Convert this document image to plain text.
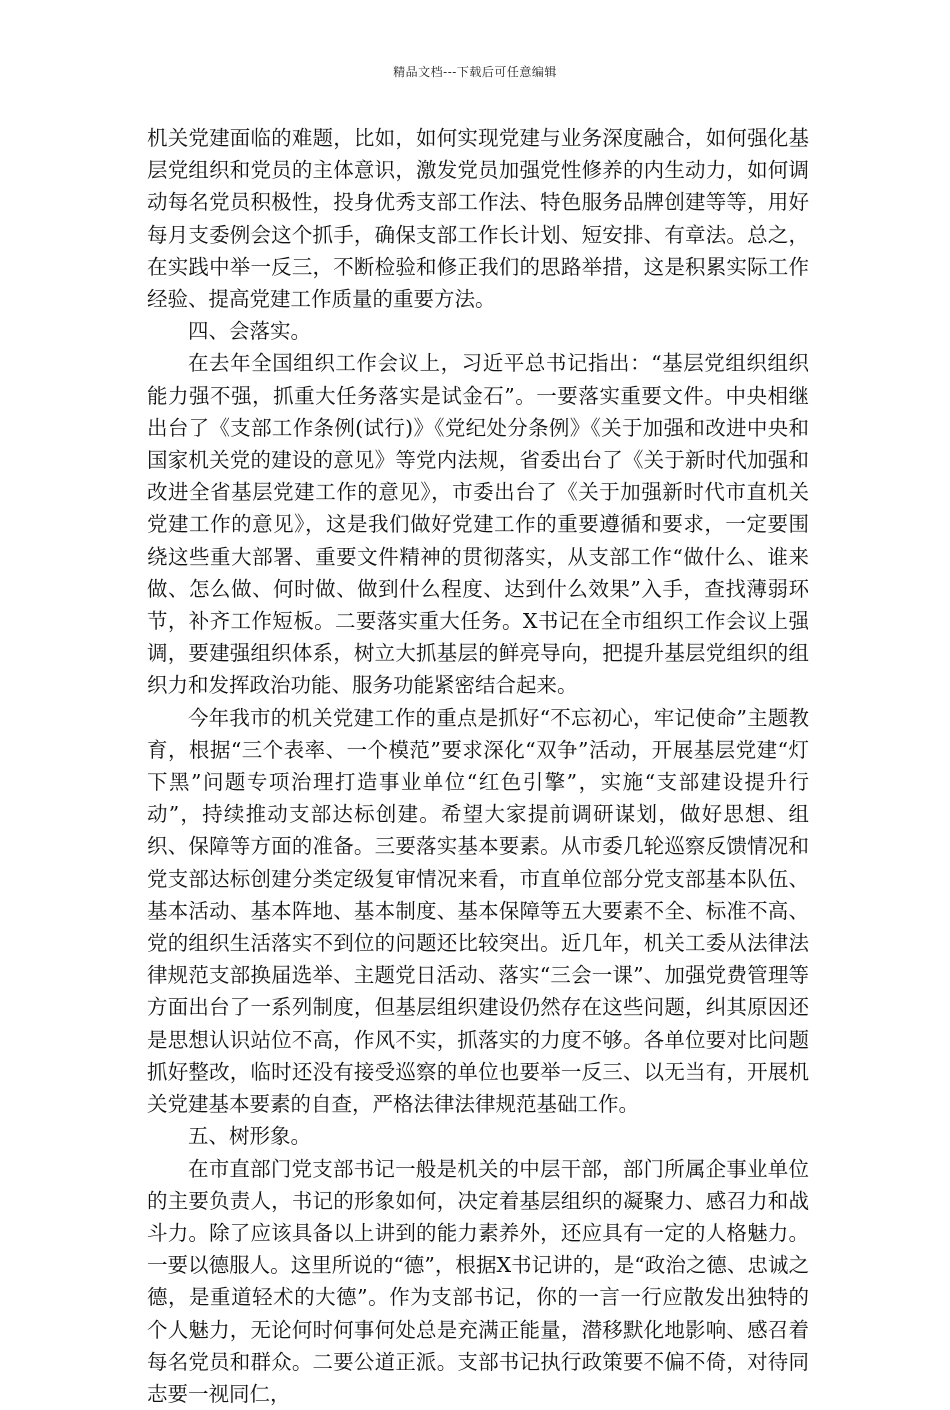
精品文档---下载后可任意编辑

机关党建面临的难题，比如，如何实现党建与业务深度融合，如何强化基层党组织和党员的主体意识，激发党员加强党性修养的内生动力，如何调动每名党员积极性，投身优秀支部工作法、特色服务品牌创建等等，用好每月支委例会这个抓手，确保支部工作长计划、短安排、有章法。总之，在实践中举一反三，不断检验和修正我们的思路举措，这是积累实际工作经验、提高党建工作质量的重要方法。

四、会落实。

在去年全国组织工作会议上，习近平总书记指出：“基层党组织组织能力强不强，抓重大任务落实是试金石”。一要落实重要文件。中央相继出台了《支部工作条例(试行)》《党纪处分条例》《关于加强和改进中央和国家机关党的建设的意见》等党内法规，省委出台了《关于新时代加强和改进全省基层党建工作的意见》，市委出台了《关于加强新时代市直机关党建工作的意见》，这是我们做好党建工作的重要遵循和要求，一定要围绕这些重大部署、重要文件精神的贯彻落实，从支部工作“做什么、谁来做、怎么做、何时做、做到什么程度、达到什么效果”入手，查找薄弱环节，补齐工作短板。二要落实重大任务。X书记在全市组织工作会议上强调，要建强组织体系，树立大抓基层的鲜亮导向，把提升基层党组织的组织力和发挥政治功能、服务功能紧密结合起来。

今年我市的机关党建工作的重点是抓好“不忘初心，牢记使命”主题教育，根据“三个表率、一个模范”要求深化“双争”活动，开展基层党建“灯下黑”问题专项治理打造事业单位“红色引擎”，实施“支部建设提升行动”，持续推动支部达标创建。希望大家提前调研谋划，做好思想、组织、保障等方面的准备。三要落实基本要素。从市委几轮巡察反馈情况和党支部达标创建分类定级复审情况来看，市直单位部分党支部基本队伍、基本活动、基本阵地、基本制度、基本保障等五大要素不全、标准不高、党的组织生活落实不到位的问题还比较突出。近几年，机关工委从法律法律规范支部换届选举、主题党日活动、落实“三会一课”、加强党费管理等方面出台了一系列制度，但基层组织建设仍然存在这些问题，纠其原因还是思想认识站位不高，作风不实，抓落实的力度不够。各单位要对比问题抓好整改，临时还没有接受巡察的单位也要举一反三、以无当有，开展机关党建基本要素的自查，严格法律法律规范基础工作。

五、树形象。

在市直部门党支部书记一般是机关的中层干部，部门所属企事业单位的主要负责人，书记的形象如何，决定着基层组织的凝聚力、感召力和战斗力。除了应该具备以上讲到的能力素养外，还应具有一定的人格魅力。一要以德服人。这里所说的“德”，根据X书记讲的，是“政治之德、忠诚之德，是重道轻术的大德”。作为支部书记，你的一言一行应散发出独特的个人魅力，无论何时何事何处总是充满正能量，潜移默化地影响、感召着每名党员和群众。二要公道正派。支部书记执行政策要不偏不倚，对待同志要一视同仁，
